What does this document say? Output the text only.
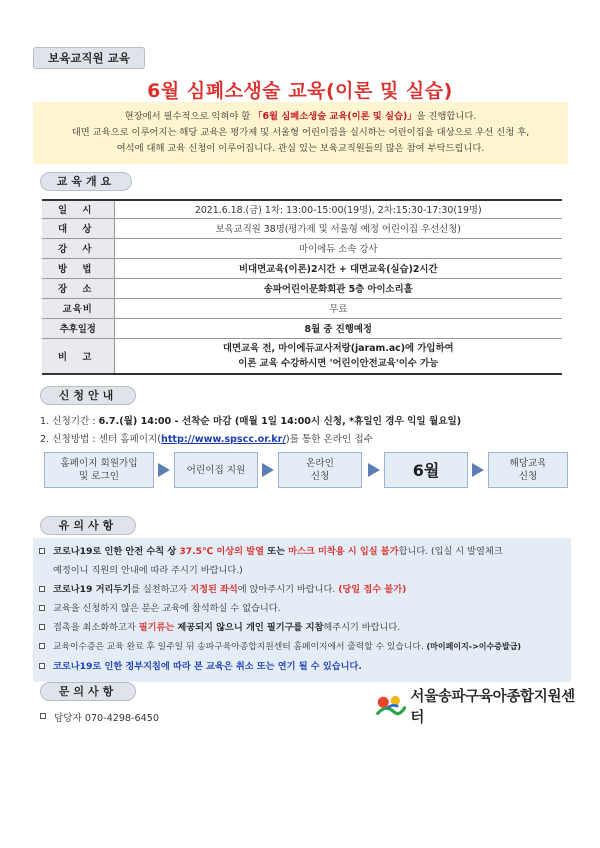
보육교직원 교육
6월 심폐소생술 교육(이론 및 실습)
현장에서 필수적으로 익혀야 할 「6월 심폐소생술 교육(이론 및 실습)」을 진행합니다.
대면 교육으로 이루어지는 해당 교육은 평가제 및 서울형 어린이집을 실시하는 어린이집을 대상으로 우선 신청 후,
여석에 대해 교육 신청이 이루어집니다. 관심 있는 보육교직원들의 많은 참여 부탁드립니다.
교육개요
일 시	2021.6.18.(금) 1차: 13:00-15:00(19명), 2차:15:30-17:30(19명)
대 상	보육교직원 38명(평가제 및 서울형 예정 어린이집 우선신청)
강 사	마이에듀 소속 강사
방 법	비대면교육(이론)2시간 + 대면교육(실습)2시간
장 소	송파어린이문화회관 5층 아이소리홀
교육비	무료
추후일정	8월 중 진행예정
비 고	대면교육 전, 마이에듀교사저랑(jaram.ac)에 가입하여
이론 교육 수강하시면 '어린이안전교육'이수 가능
신청안내
1. 신청기간 : 6.7.(월) 14:00 - 선착순 마감 (매월 1일 14:00시 신청, *휴일인 경우 익일 월요일)
2. 신청방법 : 센터 홈페이지(http://www.spscc.or.kr/)를 통한 온라인 접수
홈페이지 회원가입
및 로그인
어린이집 지원
온라인
신청	6월	해당교육
신청
유의사항
코로나19로 인한 안전 수칙 상 37.5℃ 이상의 발열 또는 마스크 미착용 시 입실 불가합니다. (입실 시 발열체크
예정이니 직원의 안내에 따라 주시기 바랍니다.)
코로나19 거리두기를 실천하고자 지정된 좌석에 앉아주시기 바랍니다. (당일 접수 불가)
교육을 신청하지 않은 분은 교육에 참석하실 수 없습니다.
접촉을 최소화하고자 필기류는 제공되지 않으니 개인 필기구를 지참해주시기 바랍니다.
교육이수증은 교육 완료 후 일주일 뒤 송파구육아종합지원센터 홈페이지에서 출력할 수 있습니다. (마이페이지->이수증발급)
코로나19로 인한 정부지침에 따라 본 교육은 취소 또는 연기 될 수 있습니다.
문의사항
담당자 070-4298-6450
서울송파구육아종합지원센터
